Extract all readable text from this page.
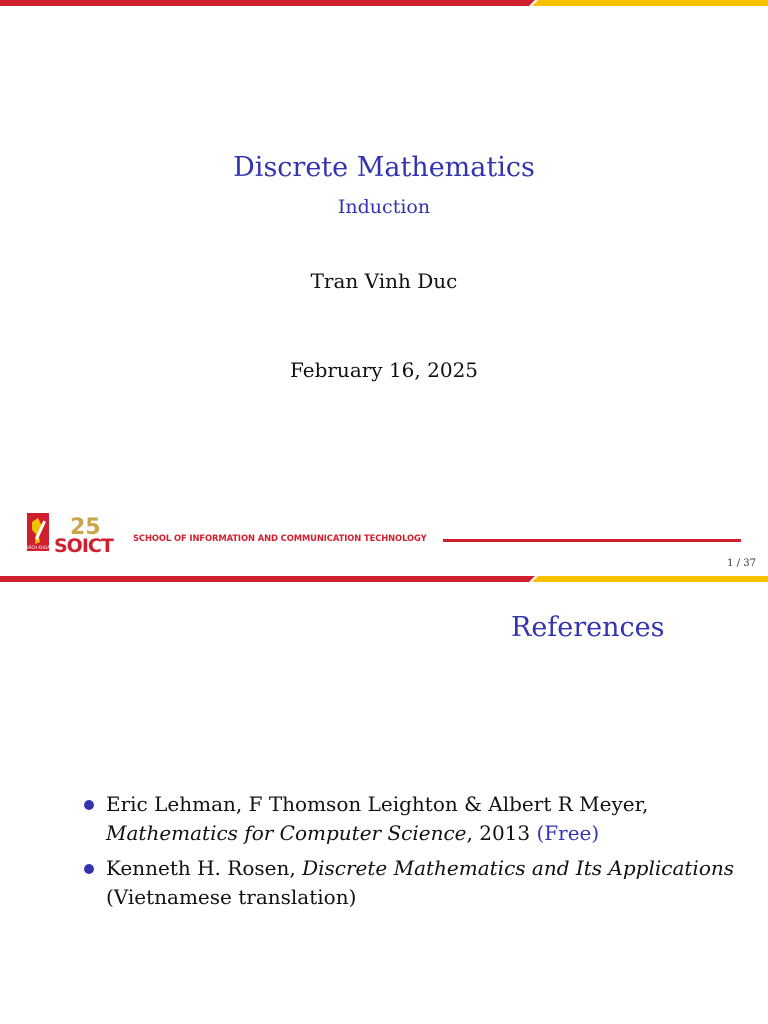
Discrete Mathematics
Induction
Tran Vinh Duc
February 16, 2025
BÁCH KHOA
25
SOICT SCHOOL OF INFORMATION AND COMMUNICATION TECHNOLOGY
1 / 37
References
Eric Lehman, F Thomson Leighton & Albert R Meyer,
Mathematics for Computer Science, 2013 (Free)
Kenneth H. Rosen, Discrete Mathematics and Its Applications
(Vietnamese translation)
